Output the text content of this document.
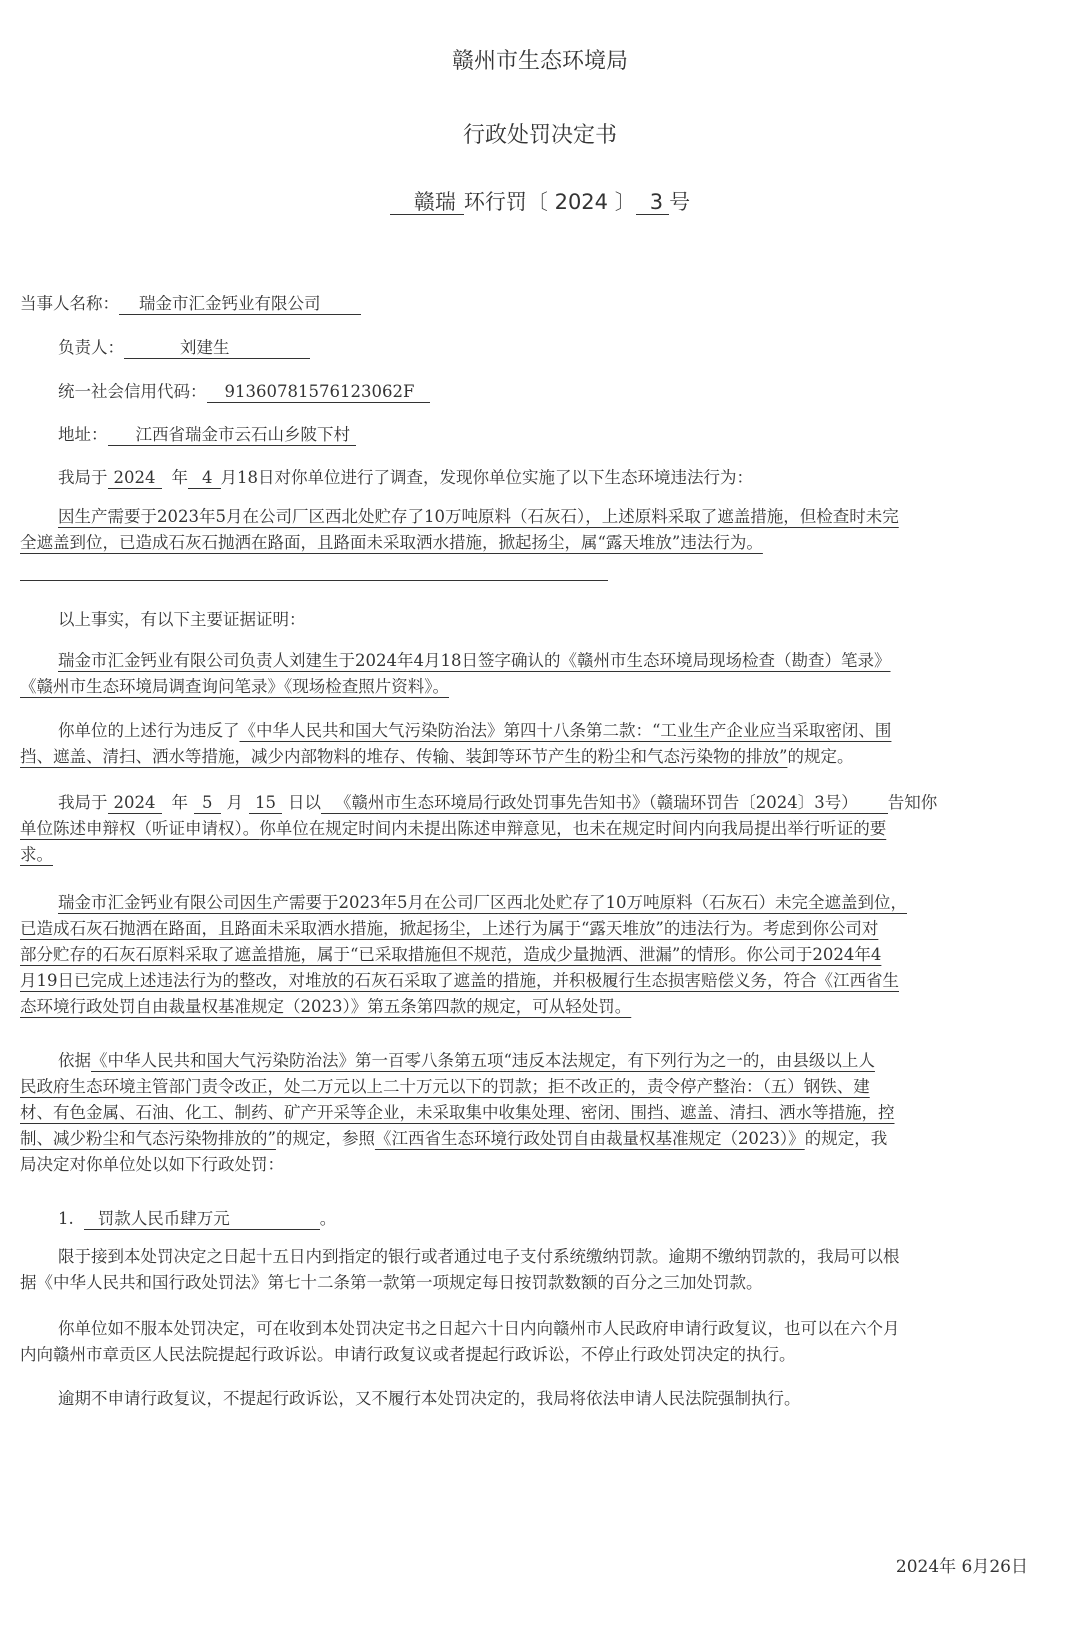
赣州市生态环境局
行政处罚决定书
赣瑞 环行罚〔 2024 〕 3 号
当事人名称： 瑞金市汇金钙业有限公司
负责人：	刘建生
统一社会信用代码： 91360781576123062F
地址： 江西省瑞金市云石山乡陂下村
我局于 2024 年 4 月18日对你单位进行了调查，发现你单位实施了以下生态环境违法行为：
因生产需要于2023年5月在公司厂区西北处贮存了10万吨原料（石灰石），上述原料采取了遮盖措施，但检查时未完
全遮盖到位，已造成石灰石抛洒在路面，且路面未采取洒水措施，掀起扬尘，属“露天堆放”违法行为。
以上事实，有以下主要证据证明：
瑞金市汇金钙业有限公司负责人刘建生于2024年4月18日签字确认的《赣州市生态环境局现场检查（勘查）笔录》
《赣州市生态环境局调查询问笔录》《现场检查照片资料》。
你单位的上述行为违反了《中华人民共和国大气污染防治法》第四十八条第二款：“工业生产企业应当采取密闭、围
挡、遮盖、清扫、洒水等措施，减少内部物料的堆存、传输、装卸等环节产生的粉尘和气态污染物的排放”的规定。
我局于 2024 年 5 月 15 日以 《赣州市生态环境局行政处罚事先告知书》（赣瑞环罚告〔2024〕3号） 告知你
单位陈述申辩权（听证申请权）。你单位在规定时间内未提出陈述申辩意见，也未在规定时间内向我局提出举行听证的要
求。
瑞金市汇金钙业有限公司因生产需要于2023年5月在公司厂区西北处贮存了10万吨原料（石灰石）未完全遮盖到位，
已造成石灰石抛洒在路面，且路面未采取洒水措施，掀起扬尘，上述行为属于“露天堆放”的违法行为。考虑到你公司对
部分贮存的石灰石原料采取了遮盖措施，属于“已采取措施但不规范，造成少量抛洒、泄漏”的情形。你公司于2024年4
月19日已完成上述违法行为的整改，对堆放的石灰石采取了遮盖的措施，并积极履行生态损害赔偿义务，符合《江西省生
态环境行政处罚自由裁量权基准规定（2023）》第五条第四款的规定，可从轻处罚。
依据《中华人民共和国大气污染防治法》第一百零八条第五项“违反本法规定，有下列行为之一的，由县级以上人
民政府生态环境主管部门责令改正，处二万元以上二十万元以下的罚款；拒不改正的，责令停产整治：（五）钢铁、建
材、有色金属、石油、化工、制药、矿产开采等企业，未采取集中收集处理、密闭、围挡、遮盖、清扫、洒水等措施，控
制、减少粉尘和气态污染物排放的”的规定，参照《江西省生态环境行政处罚自由裁量权基准规定（2023）》的规定，我
局决定对你单位处以如下行政处罚：
1. 罚款人民币肆万元	。
限于接到本处罚决定之日起十五日内到指定的银行或者通过电子支付系统缴纳罚款。逾期不缴纳罚款的，我局可以根
据《中华人民共和国行政处罚法》第七十二条第一款第一项规定每日按罚款数额的百分之三加处罚款。
你单位如不服本处罚决定，可在收到本处罚决定书之日起六十日内向赣州市人民政府申请行政复议，也可以在六个月
内向赣州市章贡区人民法院提起行政诉讼。申请行政复议或者提起行政诉讼，不停止行政处罚决定的执行。
逾期不申请行政复议，不提起行政诉讼，又不履行本处罚决定的，我局将依法申请人民法院强制执行。
2024年 6月26日
